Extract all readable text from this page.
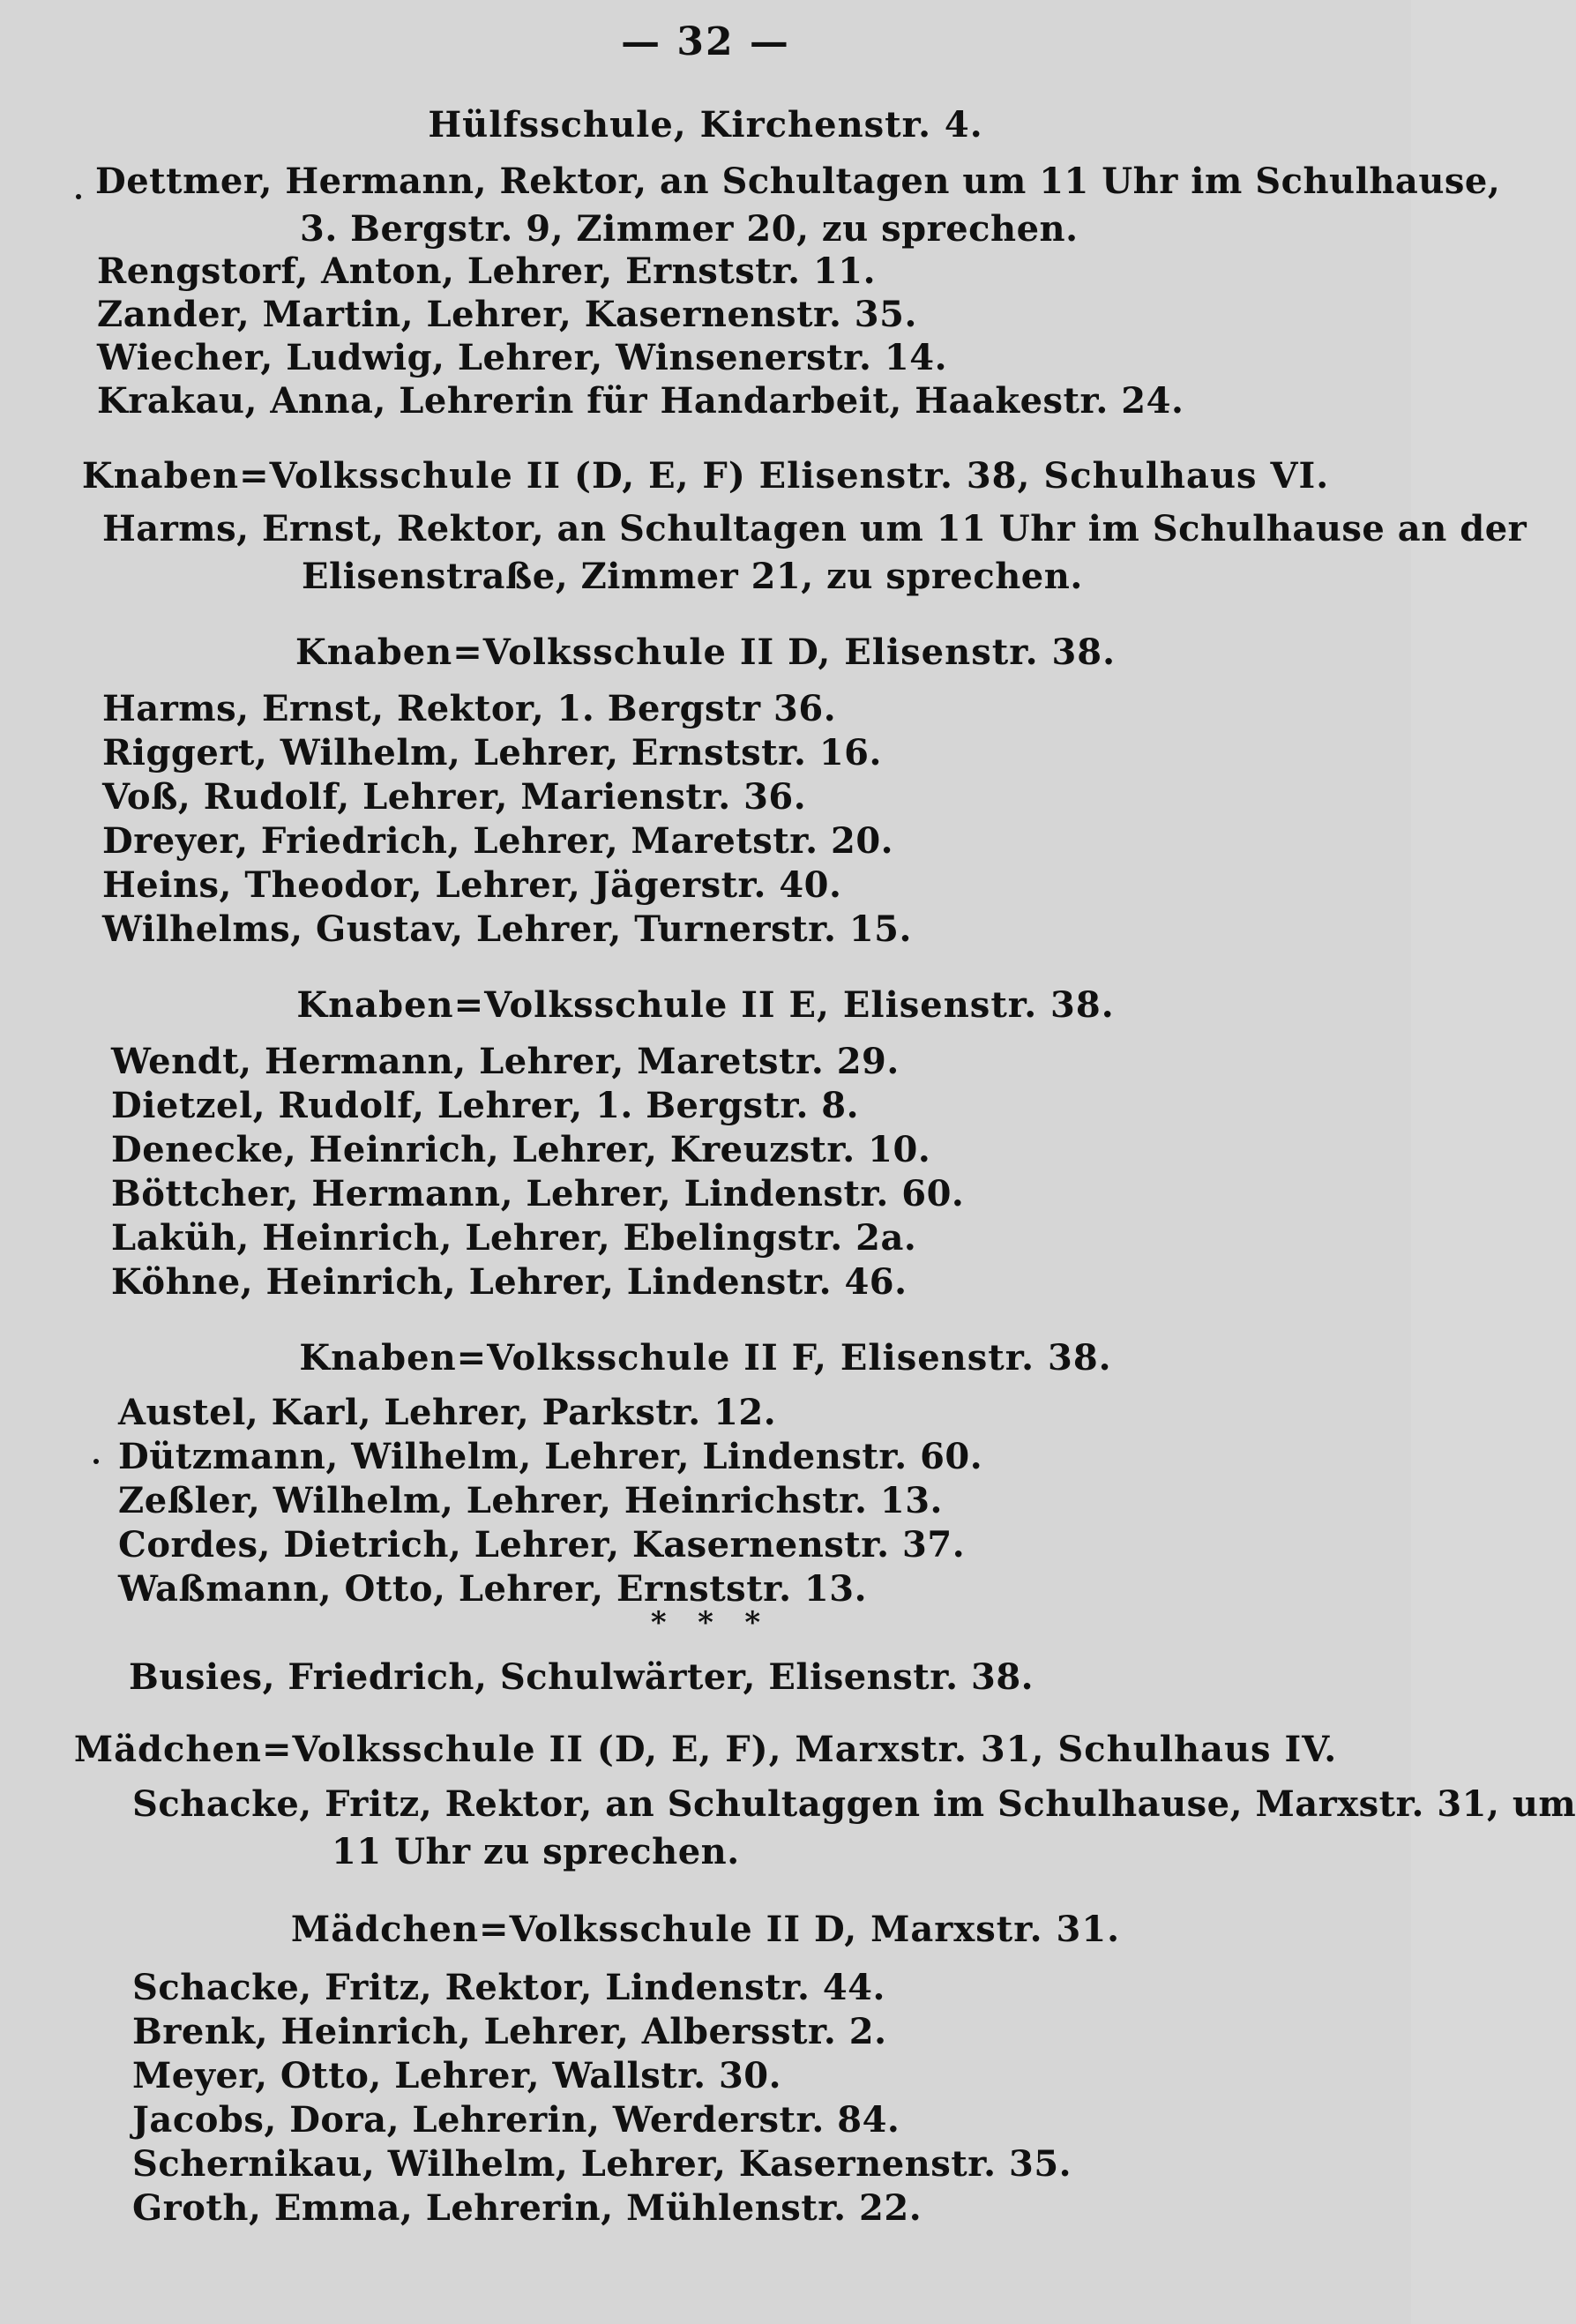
— 32 —
Hülfsschule, Kirchenstr. 4.
Dettmer, Hermann, Rektor, an Schultagen um 11 Uhr im Schulhause,
3. Bergstr. 9, Zimmer 20, zu sprechen.
Rengstorf, Anton, Lehrer, Ernststr. 11.
Zander, Martin, Lehrer, Kasernenstr. 35.
Wiecher, Ludwig, Lehrer, Winsenerstr. 14.
Krakau, Anna, Lehrerin für Handarbeit, Haakestr. 24.
Knaben=Volksschule II (D, E, F) Elisenstr. 38, Schulhaus VI.
Harms, Ernst, Rektor, an Schultagen um 11 Uhr im Schulhause an der
Elisenstraße, Zimmer 21, zu sprechen.
Knaben=Volksschule II D, Elisenstr. 38.
Harms, Ernst, Rektor, 1. Bergstr 36.
Riggert, Wilhelm, Lehrer, Ernststr. 16.
Voß, Rudolf, Lehrer, Marienstr. 36.
Dreyer, Friedrich, Lehrer, Maretstr. 20.
Heins, Theodor, Lehrer, Jägerstr. 40.
Wilhelms, Gustav, Lehrer, Turnerstr. 15.
Knaben=Volksschule II E, Elisenstr. 38.
Wendt, Hermann, Lehrer, Maretstr. 29.
Dietzel, Rudolf, Lehrer, 1. Bergstr. 8.
Denecke, Heinrich, Lehrer, Kreuzstr. 10.
Böttcher, Hermann, Lehrer, Lindenstr. 60.
Laküh, Heinrich, Lehrer, Ebelingstr. 2a.
Köhne, Heinrich, Lehrer, Lindenstr. 46.
Knaben=Volksschule II F, Elisenstr. 38.
Austel, Karl, Lehrer, Parkstr. 12.
Dützmann, Wilhelm, Lehrer, Lindenstr. 60.
Zeßler, Wilhelm, Lehrer, Heinrichstr. 13.
Cordes, Dietrich, Lehrer, Kasernenstr. 37.
Waßmann, Otto, Lehrer, Ernststr. 13.
*   *   *
Busies, Friedrich, Schulwärter, Elisenstr. 38.
Mädchen=Volksschule II (D, E, F), Marxstr. 31, Schulhaus IV.
Schacke, Fritz, Rektor, an Schultaggen im Schulhause, Marxstr. 31, um
11 Uhr zu sprechen.
Mädchen=Volksschule II D, Marxstr. 31.
Schacke, Fritz, Rektor, Lindenstr. 44.
Brenk, Heinrich, Lehrer, Albersstr. 2.
Meyer, Otto, Lehrer, Wallstr. 30.
Jacobs, Dora, Lehrerin, Werderstr. 84.
Schernikau, Wilhelm, Lehrer, Kasernenstr. 35.
Groth, Emma, Lehrerin, Mühlenstr. 22.
